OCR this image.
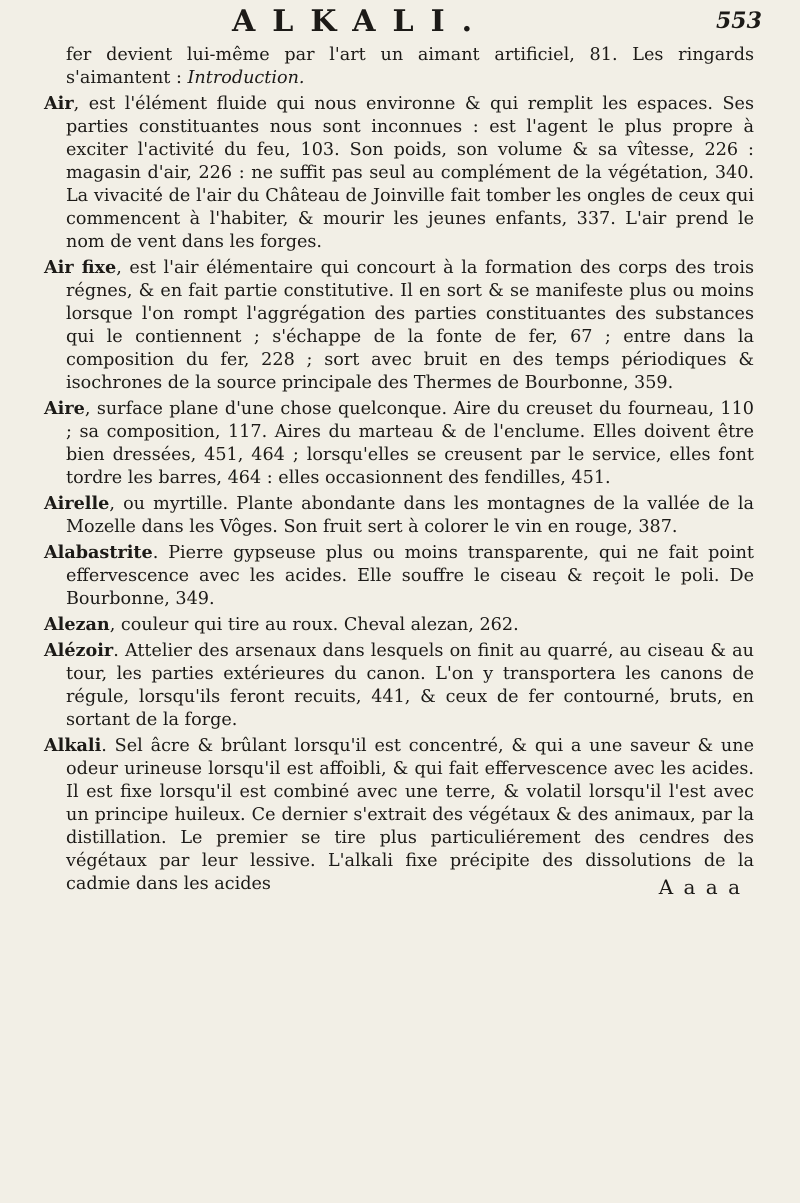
ALKALI.	553

fer devient lui-même par l'art un aimant artificiel, 81. Les ringards s'aimantent : Introduction.

Air, est l'élément fluide qui nous environne & qui remplit les espaces. Ses parties constituantes nous sont inconnues : est l'agent le plus propre à exciter l'activité du feu, 103. Son poids, son volume & sa vîtesse, 226 : magasin d'air, 226 : ne suffit pas seul au complément de la végétation, 340. La vivacité de l'air du Château de Joinville fait tomber les ongles de ceux qui commencent à l'habiter, & mourir les jeunes enfants, 337. L'air prend le nom de vent dans les forges.

Air fixe, est l'air élémentaire qui concourt à la formation des corps des trois régnes, & en fait partie constitutive. Il en sort & se manifeste plus ou moins lorsque l'on rompt l'aggrégation des parties constituantes des substances qui le contiennent ; s'échappe de la fonte de fer, 67 ; entre dans la composition du fer, 228 ; sort avec bruit en des temps périodiques & isochrones de la source principale des Thermes de Bourbonne, 359.

Aire, surface plane d'une chose quelconque. Aire du creuset du fourneau, 110 ; sa composition, 117. Aires du marteau & de l'enclume. Elles doivent être bien dressées, 451, 464 ; lorsqu'elles se creusent par le service, elles font tordre les barres, 464 : elles occasionnent des fendilles, 451.

Airelle, ou myrtille. Plante abondante dans les montagnes de la vallée de la Mozelle dans les Vôges. Son fruit sert à colorer le vin en rouge, 387.

Alabastrite. Pierre gypseuse plus ou moins transparente, qui ne fait point effervescence avec les acides. Elle souffre le ciseau & reçoit le poli. De Bourbonne, 349.

Alezan, couleur qui tire au roux. Cheval alezan, 262.

Alézoir. Attelier des arsenaux dans lesquels on finit au quarré, au ciseau & au tour, les parties extérieures du canon. L'on y transportera les canons de régule, lorsqu'ils feront recuits, 441, & ceux de fer contourné, bruts, en sortant de la forge.

Alkali. Sel âcre & brûlant lorsqu'il est concentré, & qui a une saveur & une odeur urineuse lorsqu'il est affoibli, & qui fait effervescence avec les acides. Il est fixe lorsqu'il est combiné avec une terre, & volatil lorsqu'il l'est avec un principe huileux. Ce dernier s'extrait des végétaux & des animaux, par la distillation. Le premier se tire plus particuliérement des cendres des végétaux par leur lessive. L'alkali fixe précipite des dissolutions de la cadmie dans les acides	A a a a
